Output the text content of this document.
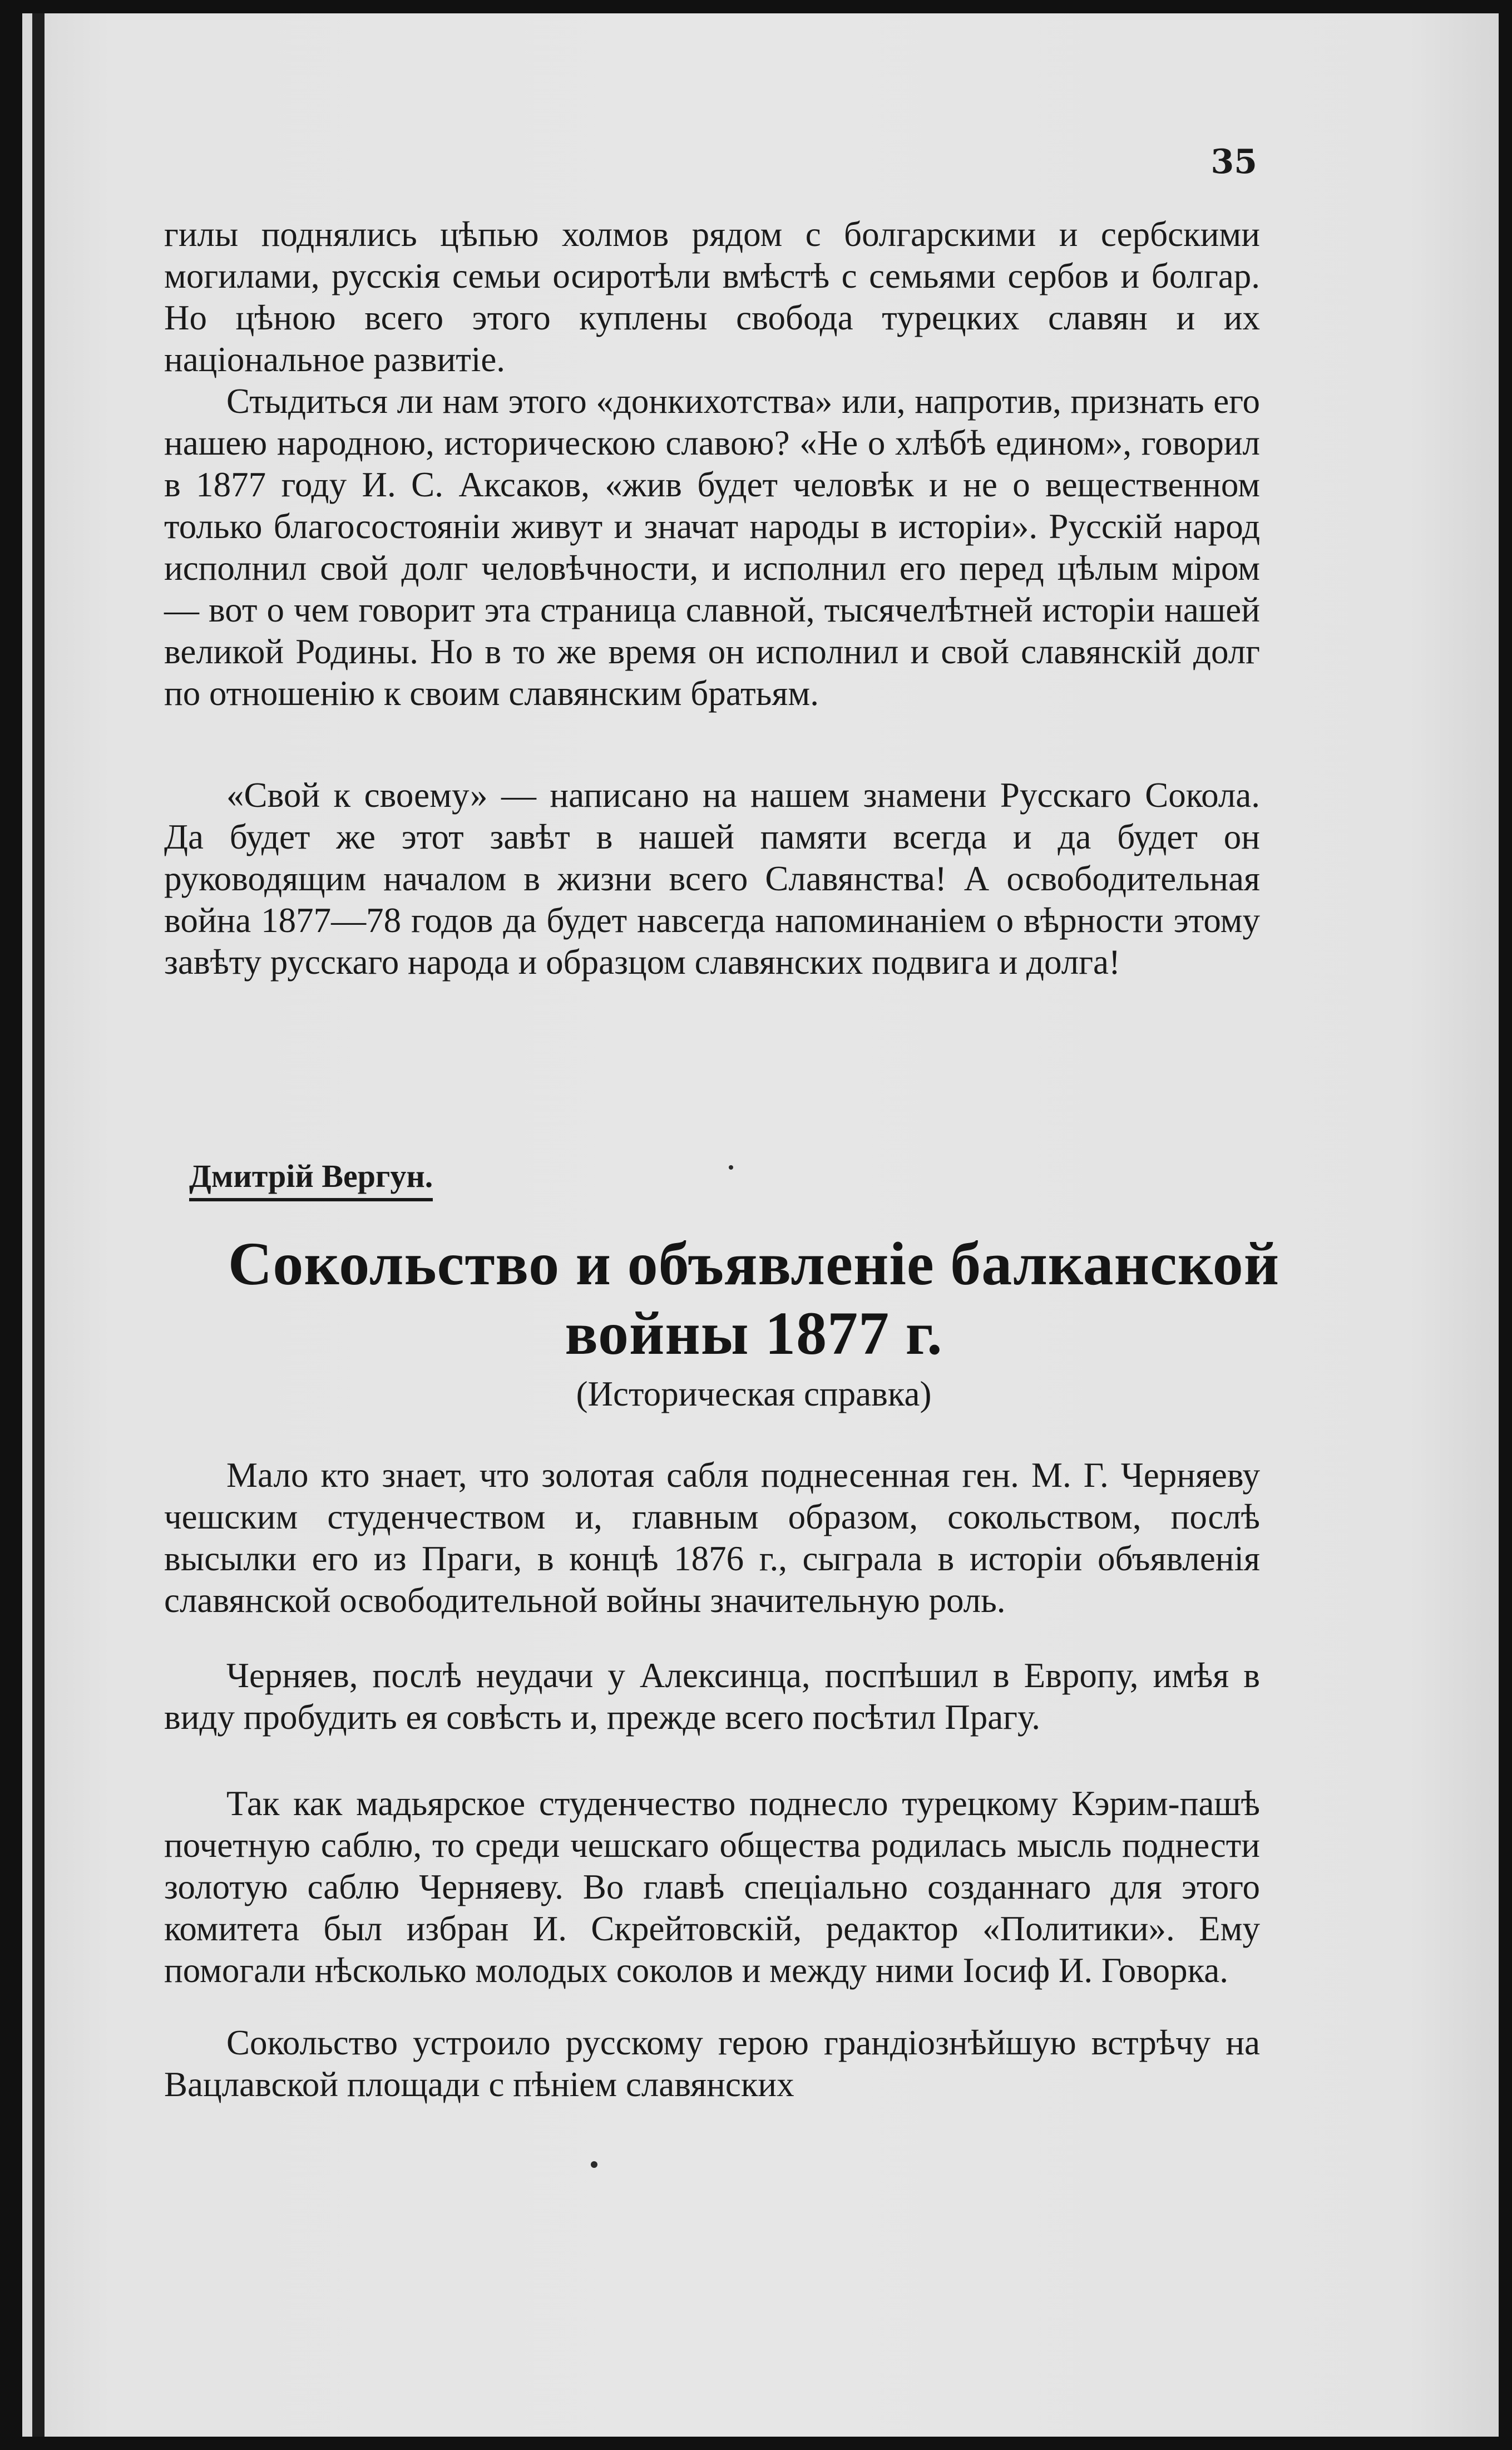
35

гилы поднялись цѣпью холмов рядом с болгарскими и сербскими могилами, русскія семьи осиротѣли вмѣстѣ с семьями сербов и болгар. Но цѣною всего этого куплены свобода турецких славян и их національное развитіе.

Стыдиться ли нам этого «донкихотства» или, напротив, признать его нашею народною, историческою славою? «Не о хлѣбѣ едином», говорил в 1877 году И. С. Аксаков, «жив будет человѣк и не о вещественном только благосостояніи живут и значат народы в исторіи». Русскій народ исполнил свой долг человѣчности, и исполнил его перед цѣлым міром — вот о чем говорит эта страница славной, тысячелѣтней исторіи нашей великой Родины. Но в то же время он исполнил и свой славянскій долг по отношенію к своим славянским братьям.

«Свой к своему» — написано на нашем знамени Русскаго Сокола. Да будет же этот завѣт в нашей памяти всегда и да будет он руководящим началом в жизни всего Славянства! А освободительная война 1877—78 годов да будет навсегда напоминаніем о вѣрности этому завѣту русскаго народа и образцом славянских подвига и долга!

Дмитрій Вергун.

Сокольство и объявленіе балканской войны 1877 г.

(Историческая справка)

Мало кто знает, что золотая сабля поднесенная ген. М. Г. Черняеву чешским студенчеством и, главным образом, сокольством, послѣ высылки его из Праги, в концѣ 1876 г., сыграла в исторіи объявленія славянской освободительной войны значительную роль.

Черняев, послѣ неудачи у Алексинца, поспѣшил в Европу, имѣя в виду пробудить ея совѣсть и, прежде всего посѣтил Прагу.

Так как мадьярское студенчество поднесло турецкому Кэрим-пашѣ почетную саблю, то среди чешскаго общества родилась мысль поднести золотую саблю Черняеву. Во главѣ спеціально созданнаго для этого комитета был избран И. Скрейтовскій, редактор «Политики». Ему помогали нѣсколько молодых соколов и между ними Іосиф И. Говорка.

Сокольство устроило русскому герою грандіознѣйшую встрѣчу на Вацлавской площади с пѣніем славянских
